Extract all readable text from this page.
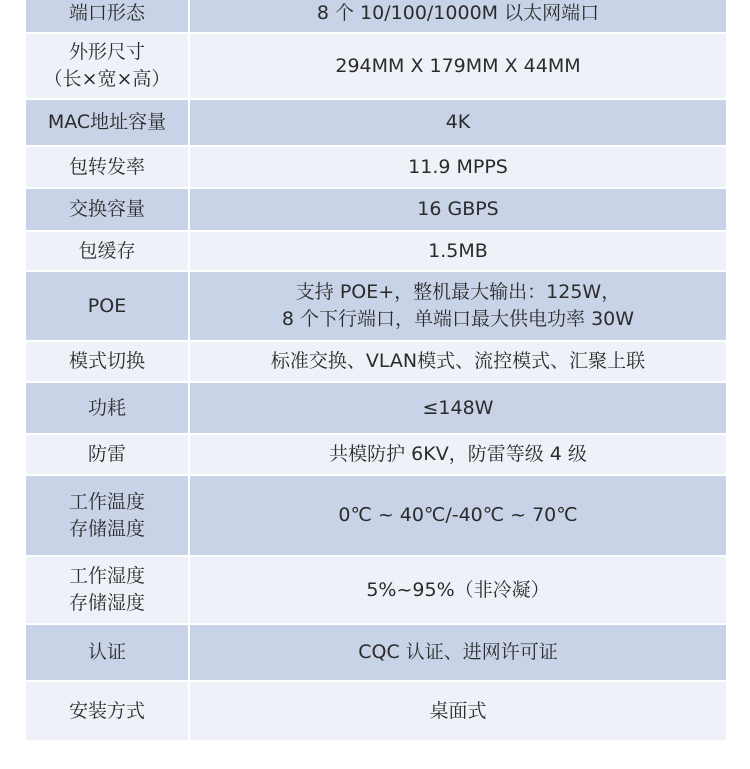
端口形态	8 个 10/100/1000M 以太网端口

外形尺寸
（长×宽×高）	294MM X 179MM X 44MM

MAC地址容量	4K

包转发率	11.9 MPPS

交换容量	16 GBPS

包缓存	1.5MB

POE	支持 POE+，整机最大输出：125W，
8 个下行端口，单端口最大供电功率 30W

模式切换	标准交换、VLAN模式、流控模式、汇聚上联

功耗	≤148W

防雷	共模防护 6KV，防雷等级 4 级

工作温度
存储温度	0℃ ~ 40℃/-40℃ ~ 70℃

工作湿度
存储湿度	5%~95%（非冷凝）

认证	CQC 认证、进网许可证

安装方式	桌面式
